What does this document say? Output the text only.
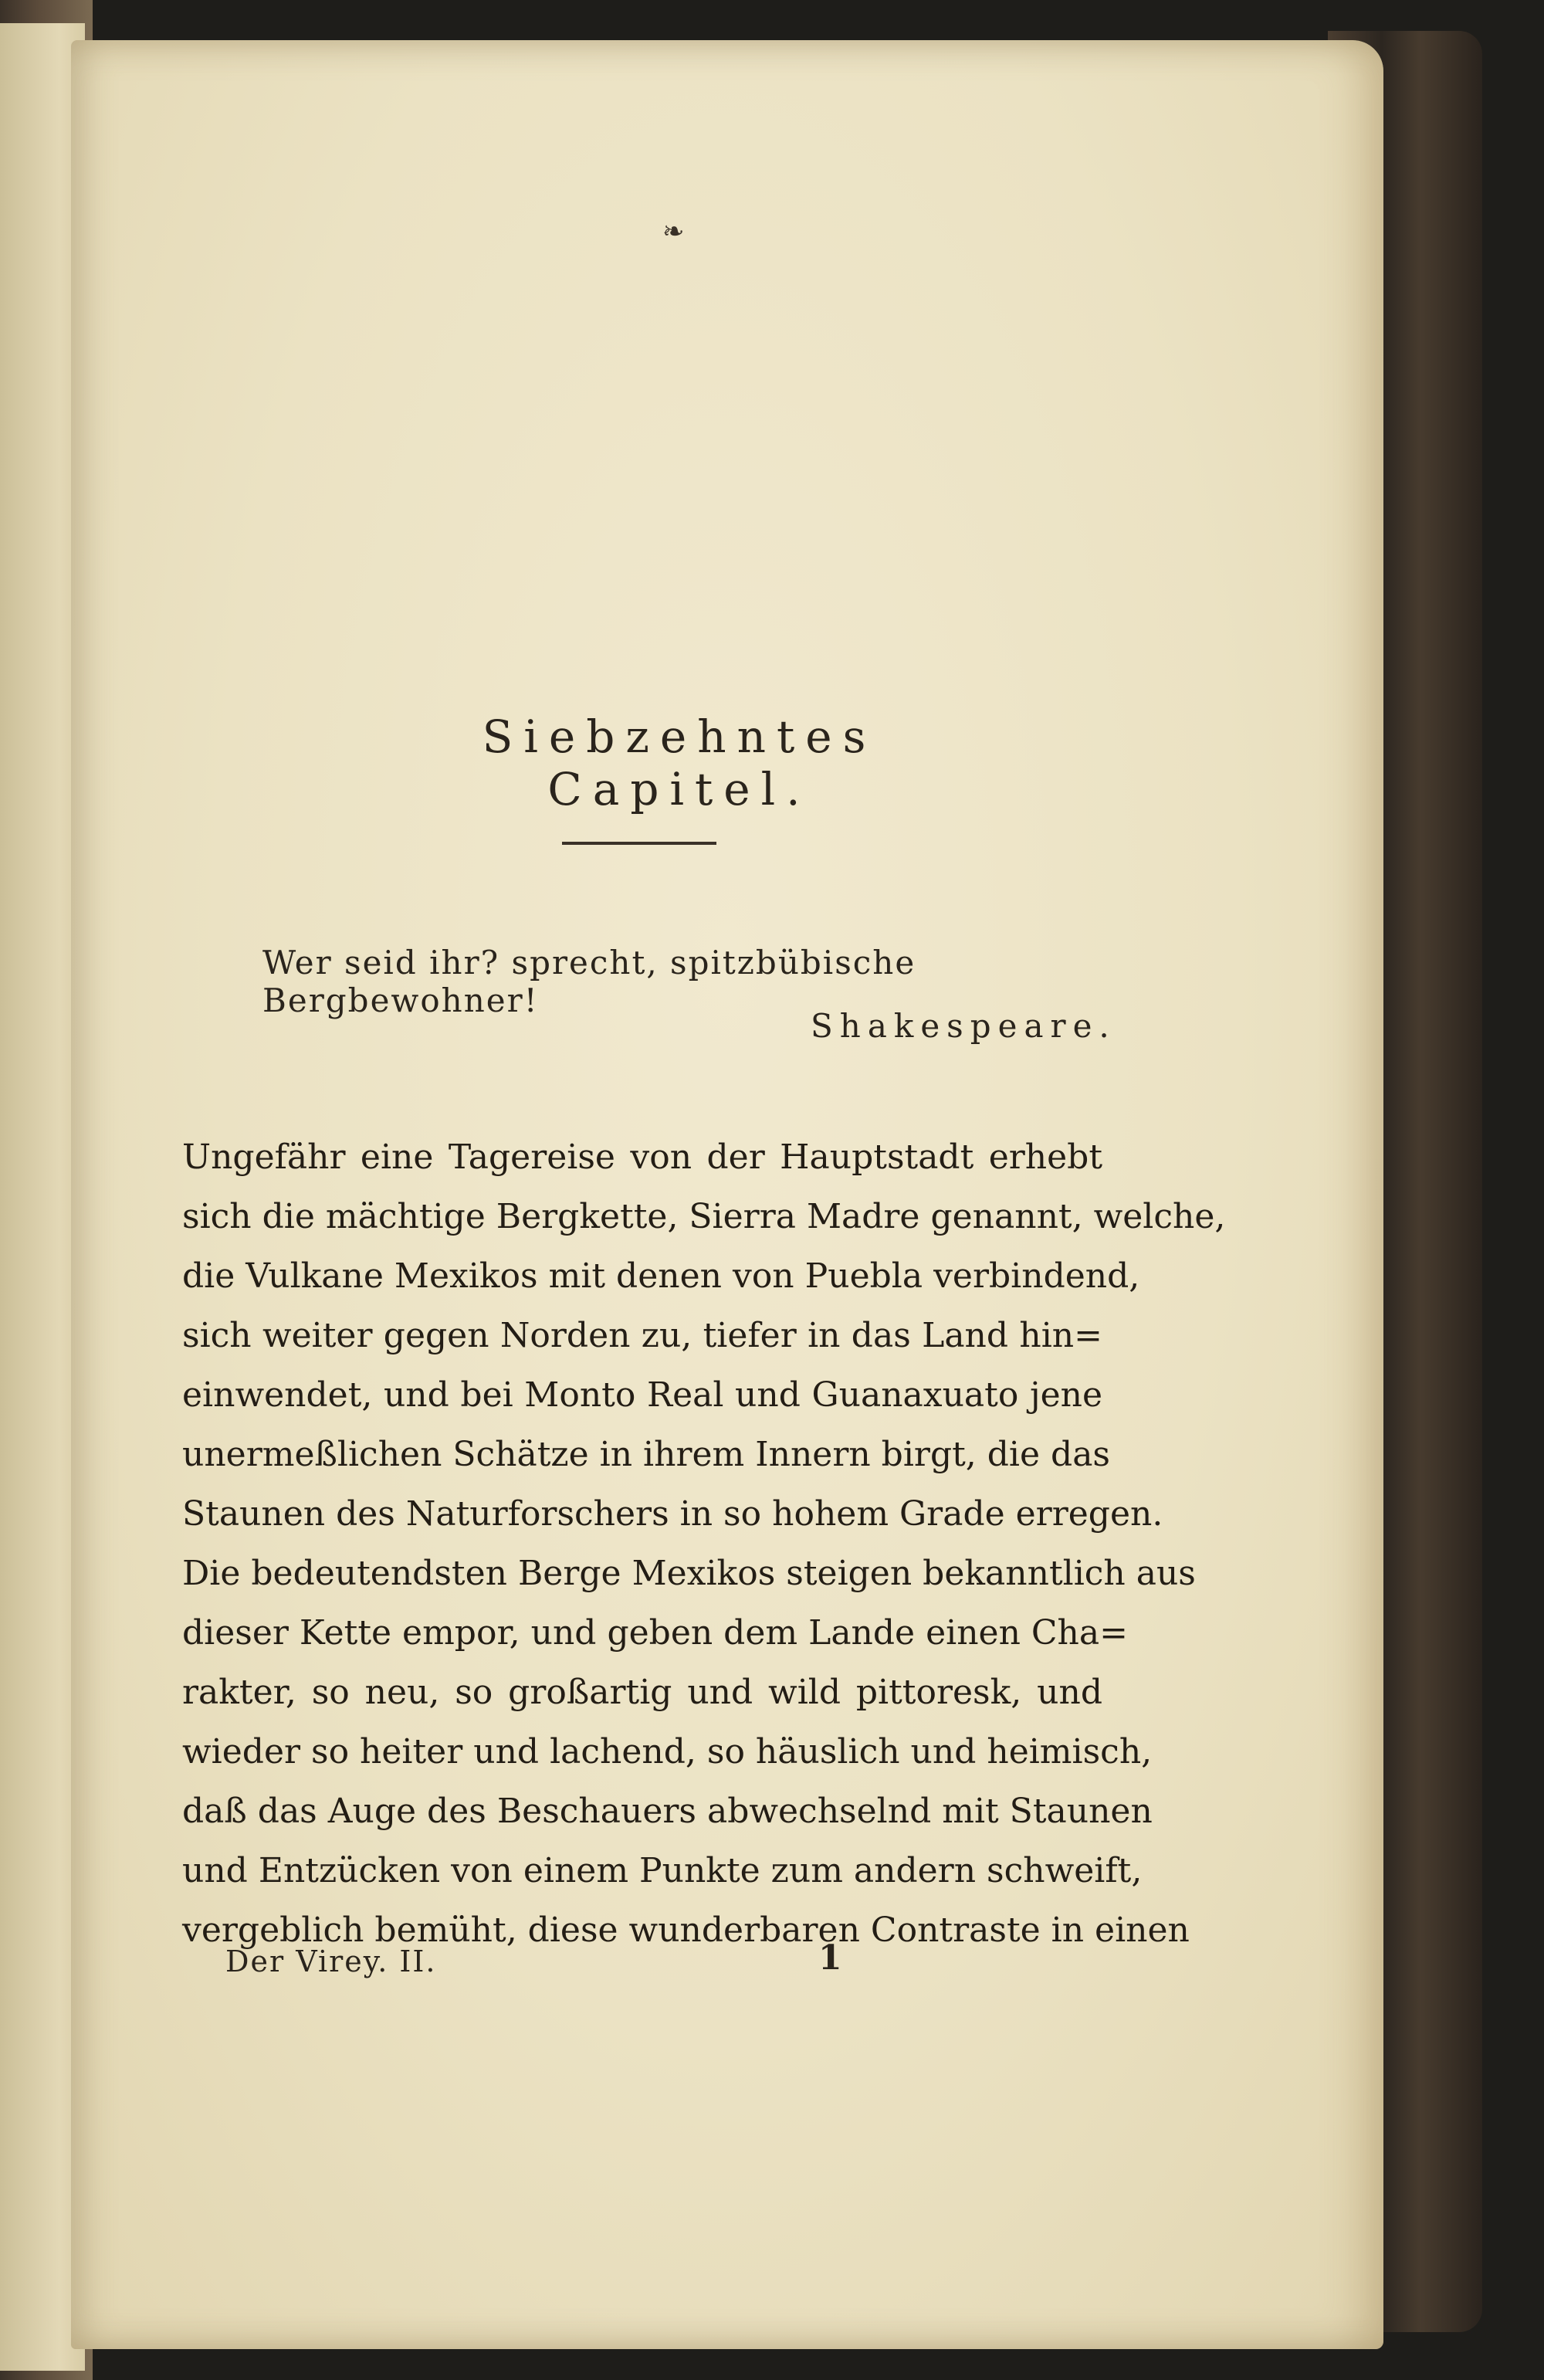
❧
Siebzehntes Capitel.
Wer seid ihr? sprecht, spitzbübische Bergbewohner!
Shakespeare.
Ungefähr eine Tagereise von der Hauptstadt erhebt
sich die mächtige Bergkette, Sierra Madre genannt, welche,
die Vulkane Mexikos mit denen von Puebla verbindend,
sich weiter gegen Norden zu, tiefer in das Land hin=
einwendet, und bei Monto Real und Guanaxuato jene
unermeßlichen Schätze in ihrem Innern birgt, die das
Staunen des Naturforschers in so hohem Grade erregen.
Die bedeutendsten Berge Mexikos steigen bekanntlich aus
dieser Kette empor, und geben dem Lande einen Cha=
rakter, so neu, so großartig und wild pittoresk, und
wieder so heiter und lachend, so häuslich und heimisch,
daß das Auge des Beschauers abwechselnd mit Staunen
und Entzücken von einem Punkte zum andern schweift,
vergeblich bemüht, diese wunderbaren Contraste in einen
Der Virey. II.	1
